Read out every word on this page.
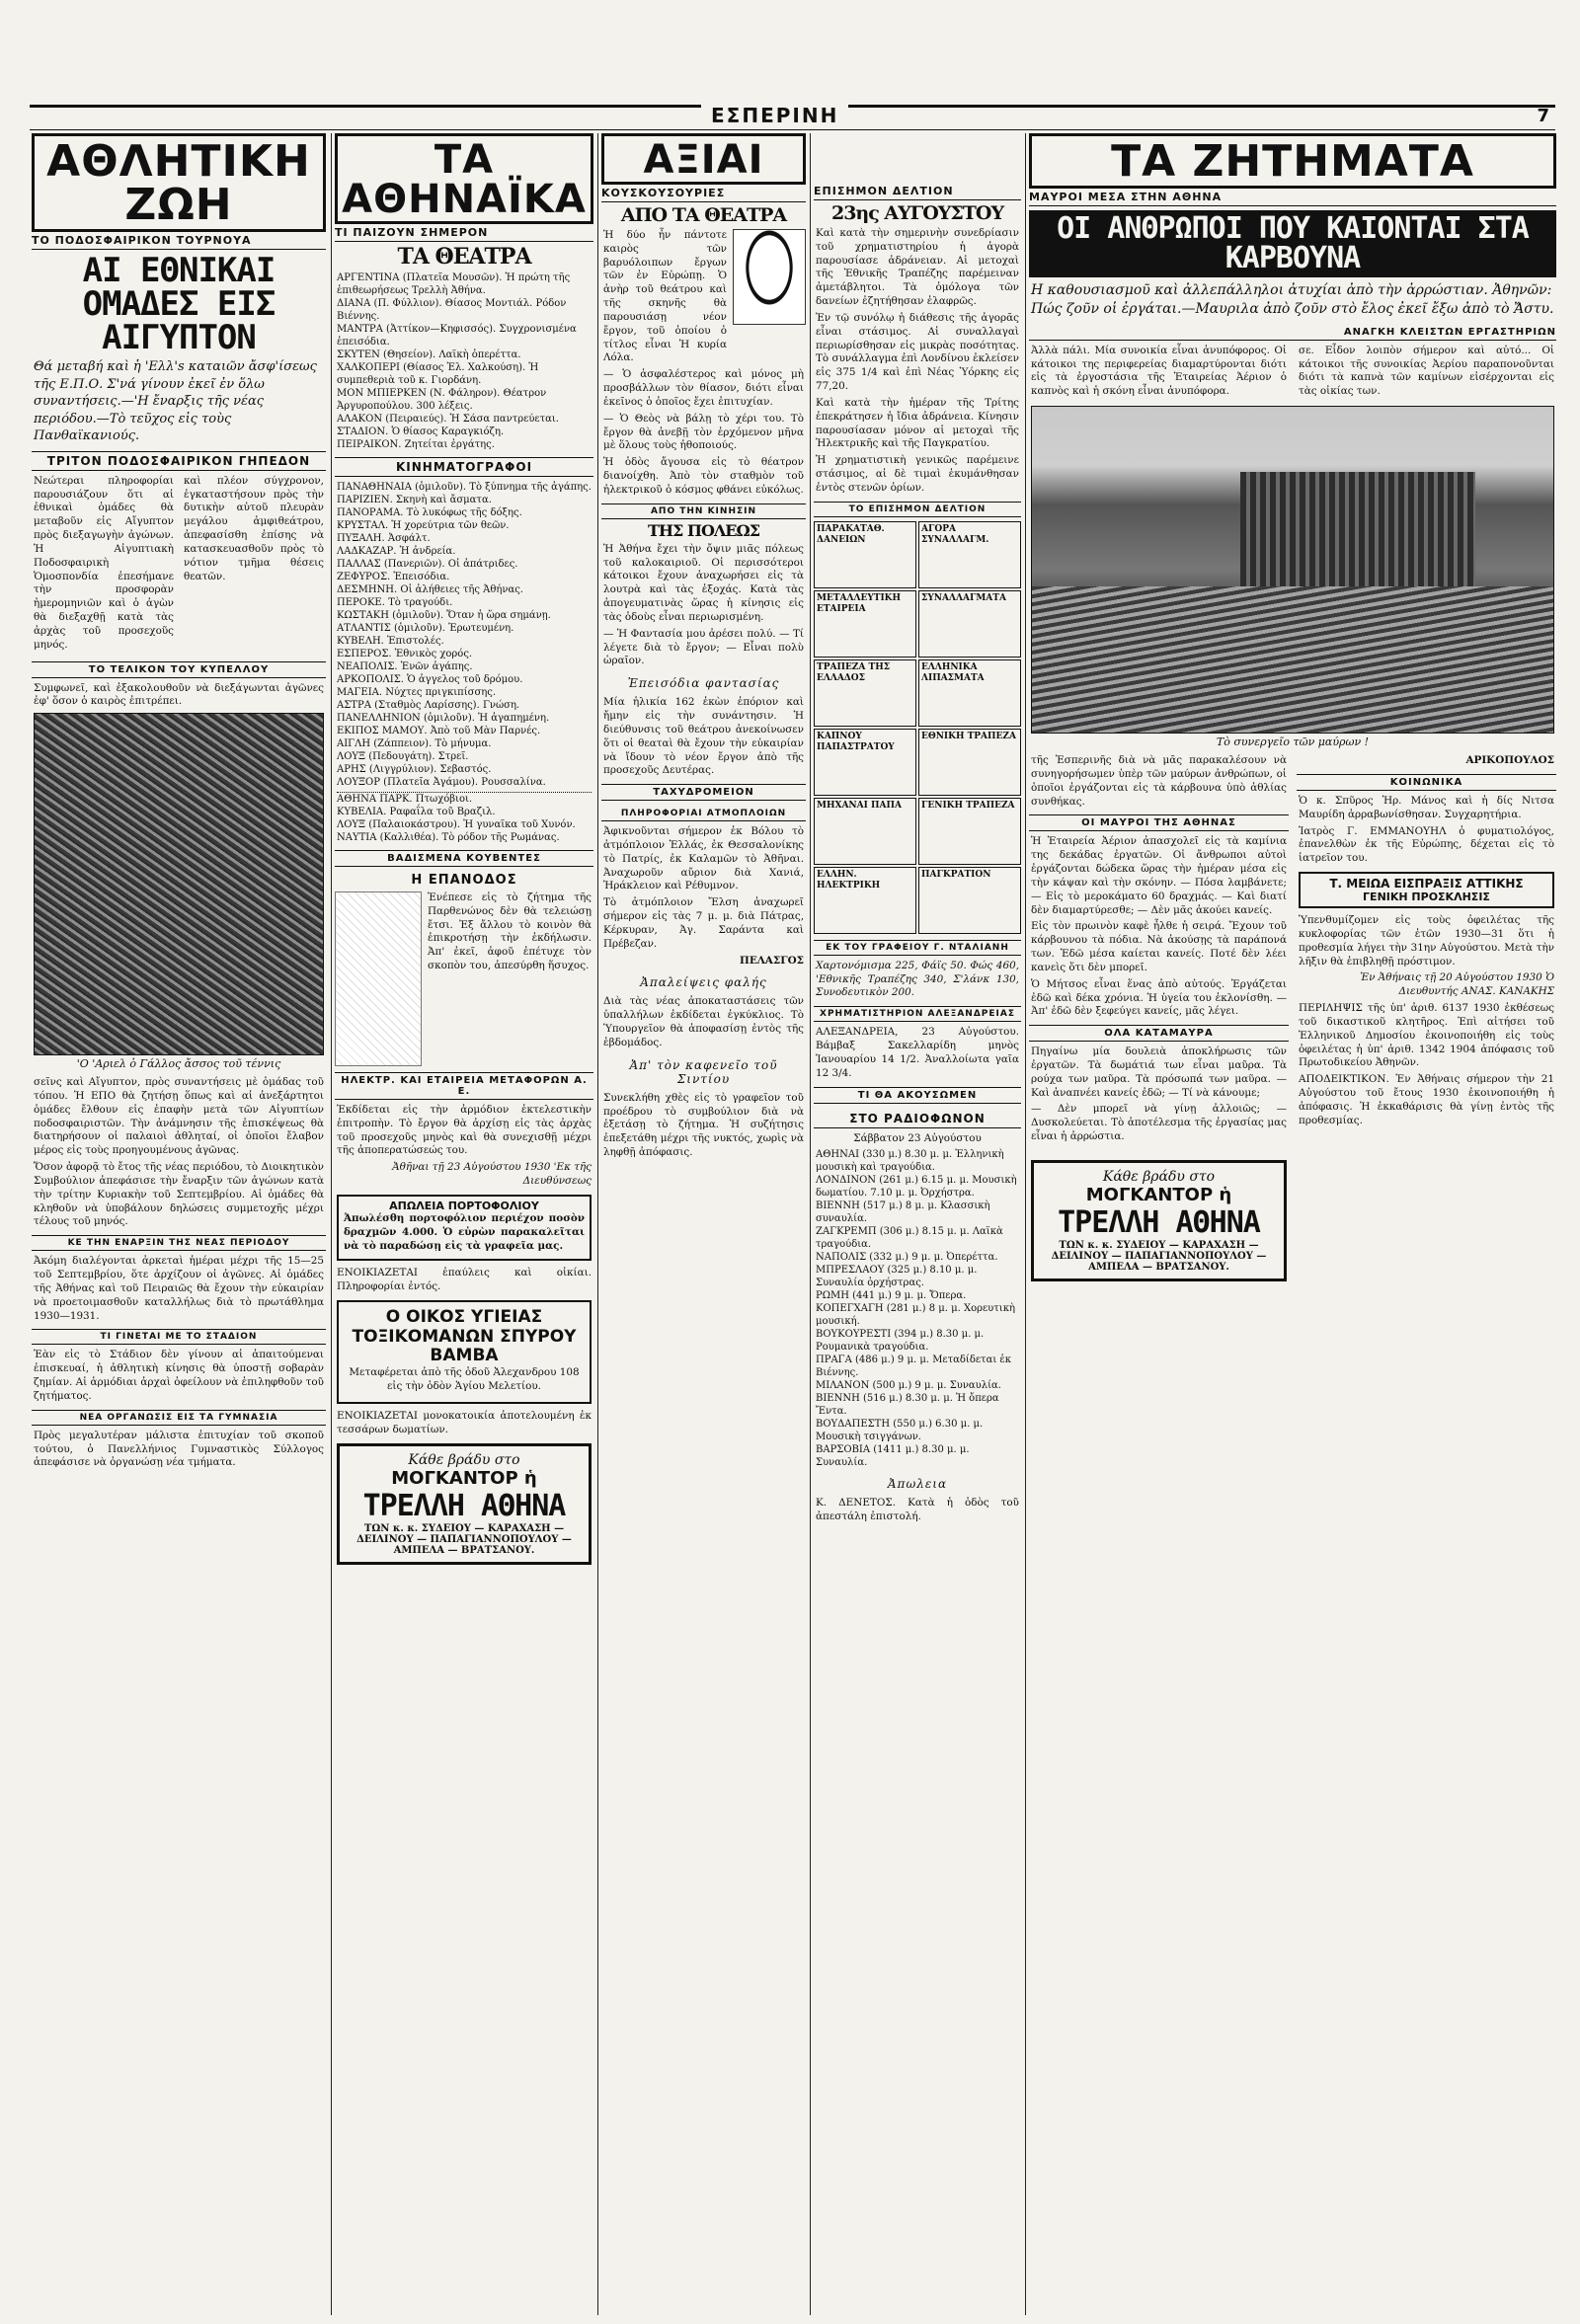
ΕΣΠΕΡΙΝΗ	7
ΑΘΛΗΤΙΚΗ ΖΩΗ
ΤΟ ΠΟΔΟΣΦΑΙΡΙΚΟΝ ΤΟΥΡΝΟΥΑ
ΑΙ ΕΘΝΙΚΑΙ ΟΜΑΔΕΣ ΕΙΣ ΑΙΓΥΠΤΟΝ
Θά μεταβή καὶ ἡ 'Ελλ's καταιῶν ἄσφ'ίσεως τῆς Ε.Π.Ο. Σ'νά γίνουν ἐκεῖ ἐν ὅλω συναντήσεις.—'Η ἔναρξις τῆς νέας περιόδου.—Τὸ τεῦχος εἰς τοὺς Πανθαϊκανιούς.
ΤΡΙΤΟΝ ΠΟΔΟΣΦΑΙΡΙΚΟΝ ΓΗΠΕΔΟΝ

Νεώτεραι πληροφορίαι παρουσιάζουν ὅτι αἱ ἐθνικαὶ ὁμάδες θὰ μεταβοῦν εἰς Αἴγυπτον πρὸς διεξαγωγὴν ἀγώνων. Ἡ Αἰγυπτιακὴ Ποδοσφαιρικὴ Ὁμοσπονδία ἐπεσήμανε τὴν προσφορὰν ἡμερομηνιῶν καὶ ὁ ἀγὼν θὰ διεξαχθῇ κατὰ τὰς ἀρχὰς τοῦ προσεχοῦς μηνός.

καὶ πλέον σύγχρονον, ἐγκαταστήσουν πρὸς τὴν δυτικὴν αὐτοῦ πλευρὰν μεγάλου ἀμφιθεάτρου, ἀπεφασίσθη ἐπίσης νὰ κατασκευασθοῦν πρὸς τὸ νότιον τμῆμα θέσεις θεατῶν.

ΤΟ ΤΕΛΙΚΟΝ ΤΟΥ ΚΥΠΕΛΛΟΥ

Συμφωνεῖ, καὶ ἐξακολουθοῦν νὰ διεξάγωνται ἀγῶνες ἐφ' ὅσον ὁ καιρὸς ἐπιτρέπει.

'Ο 'Αριελ ὁ Γάλλος ἄσσος τοῦ τέννις

σεῖνς καὶ Αἴγυπτον, πρὸς συναντήσεις μὲ ὁμάδας τοῦ τόπου. Ἡ ΕΠΟ θὰ ζητήσῃ ὅπως καὶ αἱ ἀνεξάρτητοι ὁμάδες ἔλθουν εἰς ἐπαφὴν μετὰ τῶν Αἰγυπτίων ποδοσφαιριστῶν. Τὴν ἀνάμνησιν τῆς ἐπισκέψεως θὰ διατηρήσουν οἱ παλαιοὶ ἀθληταί, οἱ ὁποῖοι ἔλαβον μέρος εἰς τοὺς προηγουμένους ἀγῶνας.

Ὅσον ἀφορᾷ τὸ ἔτος τῆς νέας περιόδου, τὸ Διοικητικὸν Συμβούλιον ἀπεφάσισε τὴν ἔναρξιν τῶν ἀγώνων κατὰ τὴν τρίτην Κυριακὴν τοῦ Σεπτεμβρίου. Αἱ ὁμάδες θὰ κληθοῦν νὰ ὑποβάλουν δηλώσεις συμμετοχῆς μέχρι τέλους τοῦ μηνός.

ΚΕ ΤΗΝ ΕΝΑΡΞΙΝ ΤΗΣ ΝΕΑΣ ΠΕΡΙΟΔΟΥ

Ἀκόμη διαλέγονται ἀρκεταὶ ἡμέραι μέχρι τῆς 15—25 τοῦ Σεπτεμβρίου, ὅτε ἀρχίζουν οἱ ἀγῶνες. Αἱ ὁμάδες τῆς Ἀθήνας καὶ τοῦ Πειραιῶς θὰ ἔχουν τὴν εὐκαιρίαν νὰ προετοιμασθοῦν καταλλήλως διὰ τὸ πρωτάθλημα 1930—1931.

ΤΙ ΓΙΝΕΤΑΙ ΜΕ ΤΟ ΣΤΑΔΙΟΝ

Ἐὰν εἰς τὸ Στάδιον δὲν γίνουν αἱ ἀπαιτούμεναι ἐπισκευαί, ἡ ἀθλητικὴ κίνησις θὰ ὑποστῇ σοβαρὰν ζημίαν. Αἱ ἁρμόδιαι ἀρχαὶ ὀφείλουν νὰ ἐπιληφθοῦν τοῦ ζητήματος.

ΝΕΑ ΟΡΓΑΝΩΣΙΣ ΕΙΣ ΤΑ ΓΥΜΝΑΣΙΑ

Πρὸς μεγαλυτέραν μάλιστα ἐπιτυχίαν τοῦ σκοποῦ τούτου, ὁ Πανελλήνιος Γυμναστικὸς Σύλλογος ἀπεφάσισε νὰ ὀργανώσῃ νέα τμήματα.

ΤΑ ΑΘΗΝΑΪΚΑ
ΤΙ ΠΑΙΖΟΥΝ ΣΗΜΕΡΟΝ
ΤΑ ΘΕΑΤΡΑ
ΑΡΓΕΝΤΙΝΑ (Πλατεῖα Μουσῶν). Ἡ πρώτη τῆς ἐπιθεωρήσεως Τρελλὴ Ἀθήνα.
ΔΙΑΝΑ (Π. Φύλλιον). Θίασος Μοντιάλ. Ρόδον Βιέννης.
ΜΑΝΤΡΑ (Ἀττίκον—Κηφισσός). Συγχρονισμένα ἐπεισόδια.
ΣΚΥΤΕΝ (Θησείον). Λαϊκὴ ὀπερέττα.
ΧΑΛΚΟΠΕΡΙ (Θίασος Ἐλ. Χαλκούση). Ἡ συμπεθεριὰ τοῦ κ. Γιορδάνη.
ΜΟΝ ΜΠΙΕΡΚΕΝ (Ν. Φάληρον). Θέατρον Ἀργυροπούλου. 300 λέξεις.
ΑΛΑΚΟΝ (Πειραιεύς). Ἡ Σάσα παντρεύεται.
ΣΤΑΔΙΟΝ. Ὁ θίασος Καραγκιόζη.
ΠΕΙΡΑΙΚΟΝ. Ζητείται ἐργάτης.
ΚΙΝΗΜΑΤΟΓΡΑΦΟΙ
ΠΑΝΑΘΗΝΑΙΑ (ὁμιλοῦν). Τὸ ξύπνημα τῆς ἀγάπης.
ΠΑΡΙΖΙΕΝ. Σκηνὴ καὶ ἄσματα.
ΠΑΝΟΡΑΜΑ. Τὸ λυκόφως τῆς δόξης.
ΚΡΥΣΤΑΛ. Ἡ χορεύτρια τῶν θεῶν.
ΠΥΞΑΛΗ. Ἀσφάλτ.
ΛΑΔΚΑΖΑΡ. Ἡ ἀνδρεία.
ΠΑΛΛΑΣ (Πανεριῶν). Οἱ ἀπάτριδες.
ΖΕΦΥΡΟΣ. Ἐπεισόδια.
ΔΕΣΜΗΝΗ. Οἱ ἀλήθειες τῆς Ἀθήνας.
ΠΕΡΟΚΕ. Τὸ τραγούδι.
ΚΩΣΤΑΚΗ (ὁμιλοῦν). Ὅταν ἡ ὥρα σημάνῃ.
ΑΤΛΑΝΤΙΣ (ὁμιλοῦν). Ἐρωτευμένη.
ΚΥΒΕΛΗ. Ἐπιστολές.
ΕΣΠΕΡΟΣ. Ἐθνικὸς χορός.
ΝΕΑΠΟΛΙΣ. Ἑνῶν ἀγάπης.
ΑΡΚΟΠΟΛΙΣ. Ὁ ἀγγελος τοῦ δρόμου.
ΜΑΓΕΙΑ. Νύχτες πριγκιπίσσης.
ΑΣΤΡΑ (Σταθμὸς Λαρίσσης). Γνώση.
ΠΑΝΕΛΛΗΝΙΟΝ (ὁμιλοῦν). Ἡ ἀγαπημένη.
ΕΚΙΠΟΣ ΜΑΜΟΥ. Ἀπὸ τοῦ Μὰν Παρνές.
ΑΙΓΛΗ (Ζάππειον). Τὸ μήνυμα.
ΛΟΥΞ (Πεδουγάτη). Στρεῖ.
ΑΡΗΣ (Λιγγρύλιον). Σεβαστός.
ΛΟΥΞΟΡ (Πλατεῖα Ἀγάμου). Ρουσσαλίνα.
ΑΘΗΝΑ ΠΑΡΚ. Πτωχόβιοι.
ΚΥΒΕΛΙΑ. Ραφαΐλα τοῦ Βραζιλ.
ΛΟΥΞ (Παλαιοκάστρου). Ἡ γυναῖκα τοῦ Χυνόν.
ΝΑΥΤΙΑ (Καλλιθέα). Τὸ ρόδον τῆς Ρωμάνας.
ΒΑΔΙΣΜΕΝΑ ΚΟΥΒΕΝΤΕΣ
Η ΕΠΑΝΟΔΟΣ

Ἐνέπεσε εἰς τὸ ζήτημα τῆς Παρθενώνος δὲν θὰ τελειώσῃ ἔτσι. Ἐξ ἄλλου τὸ κοινὸν θὰ ἐπικροτήσῃ τὴν ἐκδήλωσιν. Ἀπ' ἐκεῖ, ἀφοῦ ἐπέτυχε τὸν σκοπὸν του, ἀπεσύρθη ἥσυχος.

ΗΛΕΚΤΡ. ΚΑΙ ΕΤΑΙΡΕΙΑ ΜΕΤΑΦΟΡΩΝ Α. Ε.

Ἐκδίδεται εἰς τὴν ἀρμόδιον ἐκτελεστικὴν ἐπιτροπὴν. Τὸ ἔργον θὰ ἀρχίσῃ εἰς τὰς ἀρχὰς τοῦ προσεχοῦς μηνὸς καὶ θὰ συνεχισθῇ μέχρι τῆς ἀποπερατώσεώς του.

Ἀθῆναι τῇ 23 Αὐγούστου 1930 'Εκ τῆς Διευθύνσεως

ΑΠΩΛΕΙΑ ΠΟΡΤΟΦΟΛΙΟΥ

Ἀπωλέσθη πορτοφόλιον περιέχον ποσὸν δραχμῶν 4.000. Ὁ εὑρὼν παρακαλεῖται νὰ τὸ παραδώσῃ εἰς τὰ γραφεῖα μας.

ΕΝΟΙΚΙΑΖΕΤΑΙ ἐπαύλεις καὶ οἰκίαι. Πληροφορίαι ἐντός.

Ο ΟΙΚΟΣ ΥΓΙΕΙΑΣ ΤΟΞΙΚΟΜΑΝΩΝ ΣΠΥΡΟΥ ΒΑΜΒΑ

Μεταφέρεται ἀπὸ τῆς ὁδοῦ Ἀλεχανδρου 108 εἰς τὴν ὁδὸν Ἁγίου Μελετίου.

ΕΝΟΙΚΙΑΖΕΤΑΙ μονοκατοικία ἀποτελουμένη ἐκ τεσσάρων δωματίων.

Κάθε βράδυ στο
ΜΟΓΚΑΝΤΟΡ ἡ
ΤΡΕΛΛΗ ΑΘΗΝΑ
ΤΩΝ κ. κ. ΣΥΔΕΙΟΥ — ΚΑΡΑΧΑΣΗ — ΔΕΙΛΙΝΟΥ — ΠΑΠΑΓΙΑΝΝΟΠΟΥΛΟΥ — ΑΜΠΕΛΑ — ΒΡΑΤΣΑΝΟΥ.
ΑΞΙΑΙ
ΚΟΥΣΚΟΥΣΟΥΡΙΕΣ
ΑΠΟ ΤΑ ΘΕΑΤΡΑ

Ἡ δύο ἦν πάντοτε καιρὸς τῶν βαρυόλοιπων ἔργων τῶν ἐν Εὐρώπῃ. Ὁ ἀνὴρ τοῦ θεάτρου καὶ τῆς σκηνῆς θὰ παρουσιάσῃ νέον ἔργον, τοῦ ὁποίου ὁ τίτλος εἶναι Ἡ κυρία Λόλα.

— Ὁ ἀσφαλέστερος καὶ μόνος μὴ προσβάλλων τὸν θίασον, διότι εἶναι ἐκεῖνος ὁ ὁποῖος ἔχει ἐπιτυχίαν.

— Ὁ Θεὸς νὰ βάλῃ τὸ χέρι του. Τὸ ἔργον θὰ ἀνεβῇ τὸν ἐρχόμενον μῆνα μὲ ὅλους τοὺς ἠθοποιούς.

Ἡ ὁδὸς ἄγουσα εἰς τὸ θέατρον διανοίχθη. Ἀπὸ τὸν σταθμὸν τοῦ ἠλεκτρικοῦ ὁ κόσμος φθάνει εὐκόλως.

ΑΠΟ ΤΗΝ ΚΙΝΗΣΙΝ
ΤΗΣ ΠΟΛΕΩΣ

Ἡ Ἀθήνα ἔχει τὴν ὄψιν μιᾶς πόλεως τοῦ καλοκαιριοῦ. Οἱ περισσότεροι κάτοικοι ἔχουν ἀναχωρήσει εἰς τὰ λουτρὰ καὶ τὰς ἐξοχάς. Κατὰ τὰς ἀπογευματινὰς ὥρας ἡ κίνησις εἰς τὰς ὁδοὺς εἶναι περιωρισμένη.

— Ἡ Φαντασία μου ἀρέσει πολύ. — Τί λέγετε διὰ τὸ ἔργον; — Εἶναι πολὺ ὡραῖον.

Ἐπεισόδια φαντασίας

Μία ἡλικία 162 ἐκὼν ἐπόριον καὶ ἤμην εἰς τὴν συνάντησιν. Ἡ διεύθυνσις τοῦ θεάτρου ἀνεκοίνωσεν ὅτι οἱ θεαταὶ θὰ ἔχουν τὴν εὐκαιρίαν νὰ ἴδουν τὸ νέον ἔργον ἀπὸ τῆς προσεχοῦς Δευτέρας.

ΤΑΧΥΔΡΟΜΕΙΟΝ
ΠΛΗΡΟΦΟΡΙΑΙ ΑΤΜΟΠΛΟΙΩΝ

Ἀφικνοῦνται σήμερον ἐκ Βόλου τὸ ἀτμόπλοιον Ἑλλάς, ἐκ Θεσσαλονίκης τὸ Πατρίς, ἐκ Καλαμῶν τὸ Ἀθῆναι. Ἀναχωροῦν αὔριον διὰ Χανιά, Ἡράκλειον καὶ Ρέθυμνον.

Τὸ ἀτμόπλοιον Ἔλση ἀναχωρεῖ σήμερον εἰς τὰς 7 μ. μ. διὰ Πάτρας, Κέρκυραν, Ἀγ. Σαράντα καὶ Πρέβεζαν.

ΠΕΛΑΣΓΟΣ

Ἀπαλείψεις φαλής

Διὰ τὰς νέας ἀποκαταστάσεις τῶν ὑπαλλήλων ἐκδίδεται ἐγκύκλιος. Τὸ Ὑπουργεῖον θὰ ἀποφασίσῃ ἐντὸς τῆς ἑβδομάδος.

Ἀπ' τὸν καφενεῖο τοῦ Σιντίου

Συνεκλήθη χθὲς εἰς τὸ γραφεῖον τοῦ προέδρου τὸ συμβούλιον διὰ νὰ ἐξετάσῃ τὸ ζήτημα. Ἡ συζήτησις ἐπεξετάθη μέχρι τῆς νυκτός, χωρὶς νὰ ληφθῇ ἀπόφασις.

ΕΠΙΣΗΜΟΝ ΔΕΛΤΙΟΝ
23ης ΑΥΓΟΥΣΤΟΥ

Καὶ κατὰ τὴν σημερινὴν συνεδρίασιν τοῦ χρηματιστηρίου ἡ ἀγορὰ παρουσίασε ἀδράνειαν. Αἱ μετοχαὶ τῆς Ἐθνικῆς Τραπέζης παρέμειναν ἀμετάβλητοι. Τὰ ὁμόλογα τῶν δανείων ἐζητήθησαν ἐλαφρῶς.

Ἐν τῷ συνόλῳ ἡ διάθεσις τῆς ἀγορᾶς εἶναι στάσιμος. Αἱ συναλλαγαὶ περιωρίσθησαν εἰς μικρὰς ποσότητας. Τὸ συνάλλαγμα ἐπὶ Λονδίνου ἐκλείσεν εἰς 375 1/4 καὶ ἐπὶ Νέας Ὑόρκης εἰς 77,20.

Καὶ κατὰ τὴν ἡμέραν τῆς Τρίτης ἐπεκράτησεν ἡ ἴδια ἀδράνεια. Κίνησιν παρουσίασαν μόνον αἱ μετοχαὶ τῆς Ἠλεκτρικῆς καὶ τῆς Παγκρατίου.

Ἡ χρηματιστικὴ γενικῶς παρέμεινε στάσιμος, αἱ δὲ τιμαὶ ἐκυμάνθησαν ἐντὸς στενῶν ὁρίων.

ΤΟ ΕΠΙΣΗΜΟΝ ΔΕΛΤΙΟΝ
ΠΑΡΑΚΑΤΑΘ. ΔΑΝΕΙΩΝ
ΑΓΟΡΑ ΣΥΝΑΛΛΑΓΜ.
ΜΕΤΑΛΛΕΥΤΙΚΗ ΕΤΑΙΡΕΙΑ
ΣΥΝΑΛΛΑΓΜΑΤΑ
ΤΡΑΠΕΖΑ ΤΗΣ ΕΛΛΑΔΟΣ
ΕΛΛΗΝΙΚΑ ΛΙΠΑΣΜΑΤΑ
ΚΑΠΝΟΥ ΠΑΠΑΣΤΡΑΤΟΥ
ΕΘΝΙΚΗ ΤΡΑΠΕΖΑ
ΜΗΧΑΝΑΙ ΠΑΠΑ	ΓΕΝΙΚΗ ΤΡΑΠΕΖΑ
ΕΛΛΗΝ. ΗΛΕΚΤΡΙΚΗ
ΠΑΓΚΡΑΤΙΟΝ
ΕΚ ΤΟΥ ΓΡΑΦΕΙΟΥ Γ. ΝΤΑΛΙΑΝΗ

Χαρτονόμισμα 225, Φάϊς 50. Φώς 460, 'Εθνικῆς Τραπέζης 340, Σ'λάνκ 130, Συνοδευτικὸν 200.

ΧΡΗΜΑΤΙΣΤΗΡΙΟΝ ΑΛΕΞΑΝΔΡΕΙΑΣ

ΑΛΕΞΑΝΔΡΕΙΑ, 23 Αὐγούστου. Βάμβαξ Σακελλαρίδη μηνὸς Ἰανουαρίου 14 1/2. Ἀναλλοίωτα γαῖα 12 3/4.

ΤΙ ΘΑ ΑΚΟΥΣΩΜΕΝ
ΣΤΟ ΡΑΔΙΟΦΩΝΟΝ

Σάββατον 23 Αὐγούστου

ΑΘΗΝΑΙ (330 μ.) 8.30 μ. μ. Ἑλληνικὴ μουσικὴ καὶ τραγούδια.
ΛΟΝΔΙΝΟΝ (261 μ.) 6.15 μ. μ. Μουσικὴ δωματίου. 7.10 μ. μ. Ὀρχήστρα.
ΒΙΕΝΝΗ (517 μ.) 8 μ. μ. Κλασσικὴ συναυλία.
ΖΑΓΚΡΕΜΠ (306 μ.) 8.15 μ. μ. Λαϊκὰ τραγούδια.
ΝΑΠΟΛΙΣ (332 μ.) 9 μ. μ. Ὀπερέττα.
ΜΠΡΕΣΛΑΟΥ (325 μ.) 8.10 μ. μ. Συναυλία ὀρχήστρας.
ΡΩΜΗ (441 μ.) 9 μ. μ. Ὄπερα.
ΚΟΠΕΓΧΑΓΗ (281 μ.) 8 μ. μ. Χορευτικὴ μουσική.
ΒΟΥΚΟΥΡΕΣΤΙ (394 μ.) 8.30 μ. μ. Ρουμανικὰ τραγούδια.
ΠΡΑΓΑ (486 μ.) 9 μ. μ. Μεταδίδεται ἐκ Βιέννης.
ΜΙΛΑΝΟΝ (500 μ.) 9 μ. μ. Συναυλία.
ΒΙΕΝΝΗ (516 μ.) 8.30 μ. μ. Ἡ ὄπερα Ἔντα.
ΒΟΥΔΑΠΕΣΤΗ (550 μ.) 6.30 μ. μ. Μουσικὴ τσιγγάνων.
ΒΑΡΣΟΒΙΑ (1411 μ.) 8.30 μ. μ. Συναυλία.
Ἀπωλεια

Κ. ΔΕΝΕΤΟΣ. Κατὰ ἡ ὁδὸς τοῦ ἀπεστάλη ἐπιστολή.

ΤΑ ΖΗΤΗΜΑΤΑ
ΜΑΥΡΟΙ ΜΕΣΑ ΣΤΗΝ ΑΘΗΝΑ
ΟΙ ΑΝΘΡΩΠΟΙ ΠΟΥ ΚΑΙΟΝΤΑΙ ΣΤΑ ΚΑΡΒΟΥΝΑ
Η καθουσιασμοῦ καὶ ἀλλεπάλληλοι ἀτυχίαι ἀπὸ τὴν ἀρρώστιαν. Ἀθηνῶν: Πώς ζοῦν οἱ ἐργάται.—Μαυριλα ἀπὸ ζοῦν στὸ ἔλος ἐκεῖ ἔξω ἀπὸ τὸ Ἄστυ.
ΑΝΑΓΚΗ ΚΛΕΙΣΤΩΝ ΕΡΓΑΣΤΗΡΙΩΝ

Ἀλλὰ πάλι. Μία συνοικία εἶναι ἀνυπόφορος. Οἱ κάτοικοι της περιφερείας διαμαρτύρονται διότι εἰς τὰ ἐργοστάσια τῆς Ἑταιρείας Ἀέριον ὁ καπνὸς καὶ ἡ σκόνη εἶναι ἀνυπόφορα.

σε. Εἶδον λοιπὸν σήμερον καὶ αὐτό... Οἱ κάτοικοι τῆς συνοικίας Ἀερίου παραπονοῦνται διότι τὰ καπνὰ τῶν καμίνων εἰσέρχονται εἰς τὰς οἰκίας των.

Τὸ συνεργεῖο τῶν μαύρων !

τῆς Ἐσπερινῆς διὰ νὰ μᾶς παρακαλέσουν νὰ συνηγορήσωμεν ὑπὲρ τῶν μαύρων ἀνθρώπων, οἱ ὁποῖοι ἐργάζονται εἰς τὰ κάρβουνα ὑπὸ ἀθλίας συνθήκας.

ΟΙ ΜΑΥΡΟΙ ΤΗΣ ΑΘΗΝΑΣ

Ἡ Ἑταιρεία Ἀέριον ἀπασχολεῖ εἰς τὰ καμίνια της δεκάδας ἐργατῶν. Οἱ ἄνθρωποι αὐτοὶ ἐργάζονται δώδεκα ὥρας τὴν ἡμέραν μέσα εἰς τὴν κάψαν καὶ τὴν σκόνην. — Πόσα λαμβάνετε; — Εἰς τὸ μεροκάματο 60 δραχμάς. — Καὶ διατί δὲν διαμαρτύρεσθε; — Δὲν μᾶς ἀκούει κανείς.

Εἰς τὸν πρωινὸν καφὲ ἦλθε ἡ σειρά. Ἔχουν τοῦ κάρβουνου τὰ πόδια. Νὰ ἀκούσῃς τὰ παράπονά των. Ἐδῶ μέσα καίεται κανείς. Ποτέ δὲν λέει κανεὶς ὅτι δὲν μπορεῖ.

Ὁ Μήτσος εἶναι ἕνας ἀπὸ αὐτούς. Ἐργάζεται ἐδῶ καὶ δέκα χρόνια. Ἡ ὑγεία του ἐκλονίσθη. — Ἀπ' ἐδῶ δὲν ξεφεύγει κανείς, μᾶς λέγει.

ΟΛΑ ΚΑΤΑΜΑΥΡΑ

Πηγαίνω μία δουλειὰ ἀποκλήρωσις τῶν ἐργατῶν. Τὰ δωμάτιά των εἶναι μαῦρα. Τὰ ρούχα των μαῦρα. Τὰ πρόσωπά των μαῦρα. — Καὶ ἀναπνέει κανείς ἐδῶ; — Τί νὰ κάνουμε;

— Δὲν μπορεῖ νὰ γίνῃ ἀλλοιῶς; — Δυσκολεύεται. Τὸ ἀποτέλεσμα τῆς ἐργασίας μας εἶναι ἡ ἀρρώστια.

Κάθε βράδυ στο
ΜΟΓΚΑΝΤΟΡ ἡ
ΤΡΕΛΛΗ ΑΘΗΝΑ
ΤΩΝ κ. κ. ΣΥΔΕΙΟΥ — ΚΑΡΑΧΑΣΗ — ΔΕΙΛΙΝΟΥ — ΠΑΠΑΓΙΑΝΝΟΠΟΥΛΟΥ — ΑΜΠΕΛΑ — ΒΡΑΤΣΑΝΟΥ.

ΑΡΙΚΟΠΟΥΛΟΣ

ΚΟΙΝΩΝΙΚΑ

Ὁ κ. Σπῦρος Ἠρ. Μάνος καὶ ἡ δίς Νιτσα Μαυρίδη ἀρραβωνίσθησαν. Συγχαρητήρια.

Ἰατρὸς Γ. ΕΜΜΑΝΟΥΗΛ ὁ φυματιολόγος, ἐπανελθὼν ἐκ τῆς Εὐρώπης, δέχεται εἰς τὸ ἰατρεῖον του.

Τ. ΜΕΙΩΑ ΕΙΣΠΡΑΞΙΣ ΑΤΤΙΚΗΣ
ΓΕΝΙΚΗ ΠΡΟΣΚΛΗΣΙΣ

Ὑπενθυμίζομεν εἰς τοὺς ὀφειλέτας τῆς κυκλοφορίας τῶν ἐτῶν 1930—31 ὅτι ἡ προθεσμία λήγει τὴν 31ην Αὐγούστου. Μετὰ τὴν λῆξιν θὰ ἐπιβληθῇ πρόστιμον.

Ἐν Ἀθήναις τῇ 20 Αὐγούστου 1930 Ὁ Διευθυντής ΑΝΑΣ. ΚΑΝΑΚΗΣ

ΠΕΡΙΛΗΨΙΣ τῆς ὑπ' ἀριθ. 6137 1930 ἐκθέσεως τοῦ δικαστικοῦ κλητῆρος. Ἐπὶ αἰτήσει τοῦ Ἑλληνικοῦ Δημοσίου ἐκοινοποιήθη εἰς τοὺς ὀφειλέτας ἡ ὑπ' ἀριθ. 1342 1904 ἀπόφασις τοῦ Πρωτοδικείου Ἀθηνῶν.

ΑΠΟΔΕΙΚΤΙΚΟΝ. Ἐν Ἀθήναις σήμερον τὴν 21 Αὐγούστου τοῦ ἔτους 1930 ἐκοινοποιήθη ἡ ἀπόφασις. Ἡ ἐκκαθάρισις θὰ γίνῃ ἐντὸς τῆς προθεσμίας.
